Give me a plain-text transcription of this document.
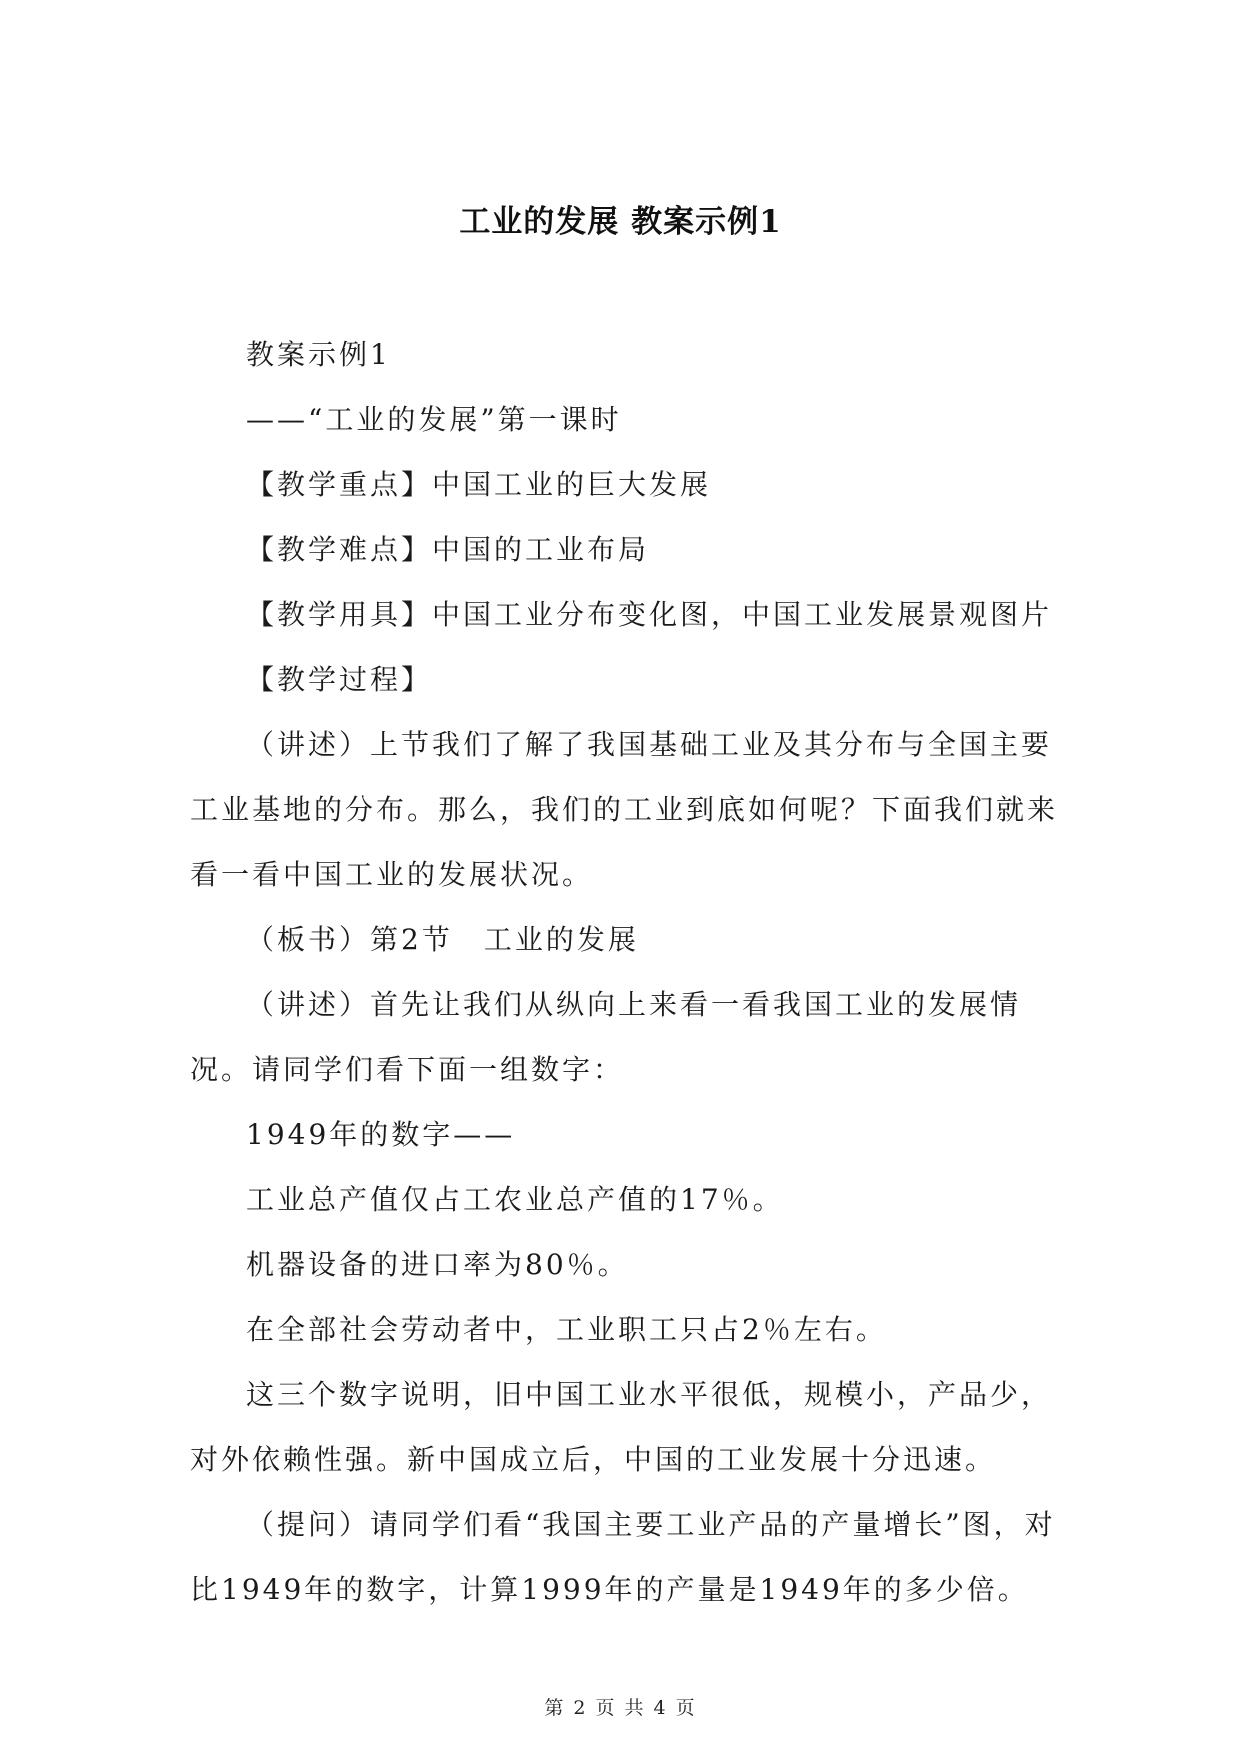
工业的发展 教案示例1

教案示例1

——“工业的发展”第一课时

【教学重点】中国工业的巨大发展

【教学难点】中国的工业布局

【教学用具】中国工业分布变化图，中国工业发展景观图片

【教学过程】

（讲述）上节我们了解了我国基础工业及其分布与全国主要工业基地的分布。那么，我们的工业到底如何呢？下面我们就来看一看中国工业的发展状况。

（板书）第2节　工业的发展

（讲述）首先让我们从纵向上来看一看我国工业的发展情况。请同学们看下面一组数字：

1949年的数字——

工业总产值仅占工农业总产值的17％。

机器设备的进口率为80％。

在全部社会劳动者中，工业职工只占2％左右。

这三个数字说明，旧中国工业水平很低，规模小，产品少，对外依赖性强。新中国成立后，中国的工业发展十分迅速。

（提问）请同学们看“我国主要工业产品的产量增长”图，对比1949年的数字，计算1999年的产量是1949年的多少倍。

第 2 页 共 4 页
